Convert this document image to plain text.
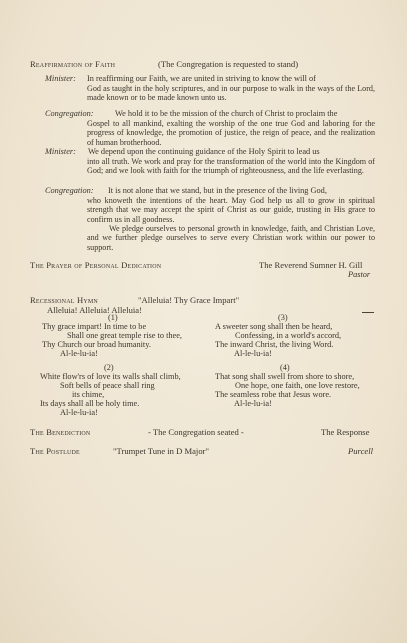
Reaffirmation of Faith	(The Congregation is requested to stand)
Minister: In reaffirming our Faith, we are united in striving to know the will of
God as taught in the holy scriptures, and in our purpose to walk in the ways of the Lord, made known or to be made known unto us.
Congregation:	We hold it to be the mission of the church of Christ to proclaim the
Gospel to all mankind, exalting the worship of the one true God and laboring for the progress of knowledge, the promotion of justice, the reign of peace, and the realization of human brotherhood.
Minister: We depend upon the continuing guidance of the Holy Spirit to lead us
into all truth. We work and pray for the transformation of the world into the Kingdom of God; and we look with faith for the triumph of righteousness, and the life everlasting.
Congregation: It is not alone that we stand, but in the presence of the living God,
who knoweth the intentions of the heart. May God help us all to grow in spiritual strength that we may accept the spirit of Christ as our guide, trusting in His grace to confirm us in all goodness.
We pledge ourselves to personal growth in knowledge, faith, and Christian Love, and we further pledge ourselves to serve every Christian work within our power to support.
The Prayer of Personal Dedication	The Reverend Sumner H. Gill
Pastor
Recessional Hymn	"Alleluia! Thy Grace Impart"
Alleluia! Alleluia! Alleluia!
(1)
Thy grace impart! In time to be
Shall one great temple rise to thee,
Thy Church our broad humanity.
Al-le-lu-ia!
(3)
A sweeter song shall then be heard,
Confessing, in a world's accord,
The inward Christ, the living Word.
Al-le-lu-ia!
(2)
White flow'rs of love its walls shall climb,
Soft bells of peace shall ring
its chime,
Its days shall all be holy time.
Al-le-lu-ia!
(4)
That song shall swell from shore to shore,
One hope, one faith, one love restore,
The seamless robe that Jesus wore.
Al-le-lu-ia!
The Benediction	- The Congregation seated -	The Response
The Postlude	"Trumpet Tune in D Major"	Purcell
